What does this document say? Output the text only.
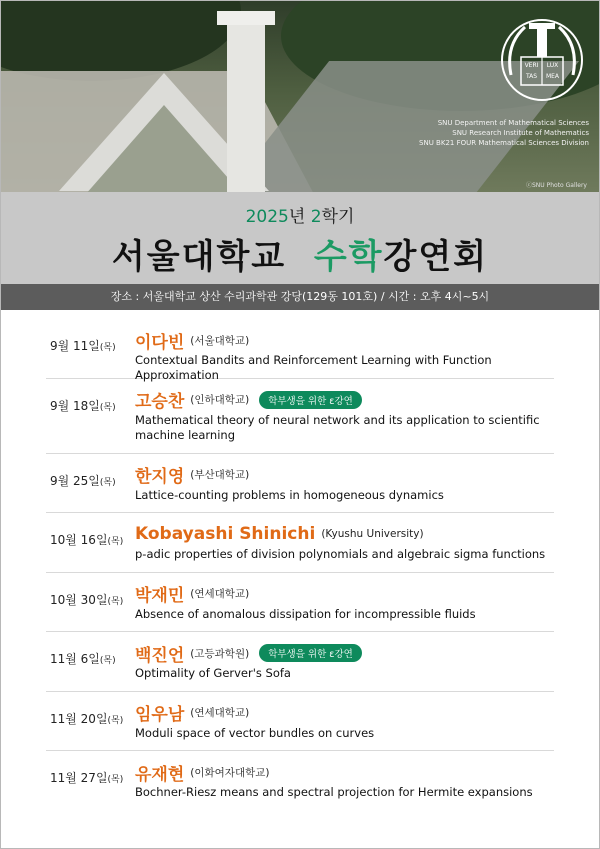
VERI
TAS
LUX
MEA
SNU Department of Mathematical Sciences
SNU Research Institute of Mathematics
SNU BK21 FOUR Mathematical Sciences Division
ⓒSNU Photo Gallery
2025년 2학기
서울대학교 수학강연회
장소 : 서울대학교 상산 수리과학관 강당(129동 101호) / 시간 : 오후 4시~5시
9월 11일(목) 이다빈 (서울대학교)
Contextual Bandits and Reinforcement Learning with Function Approximation
9월 18일(목) 고승찬 (인하대학교)	학부생을 위한 ε강연
Mathematical theory of neural network and its application to scientific machine learning
9월 25일(목) 한지영 (부산대학교)
Lattice-counting problems in homogeneous dynamics
10월 16일(목) Kobayashi Shinichi (Kyushu University)
p-adic properties of division polynomials and algebraic sigma functions
10월 30일(목) 박재민 (연세대학교)
Absence of anomalous dissipation for incompressible fluids
11월 6일(목) 백진언 (고등과학원)	학부생을 위한 ε강연
Optimality of Gerver's Sofa
11월 20일(목) 임우남 (연세대학교)
Moduli space of vector bundles on curves
11월 27일(목) 유재현 (이화여자대학교)
Bochner-Riesz means and spectral projection for Hermite expansions
